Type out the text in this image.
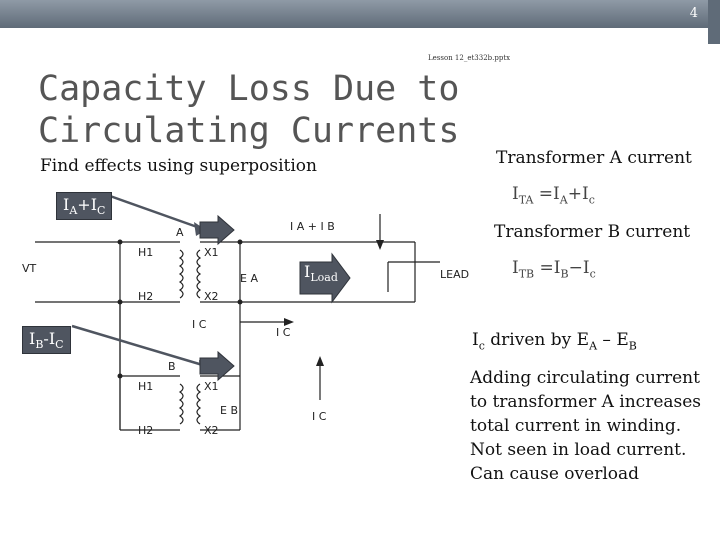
4
Lesson 12_et332b.pptx
Capacity Loss Due to Circulating Currents
Find effects using superposition
VT
H1
H2
X1
X2
A
E A
I A + I B
LEAD
I C
I C
I C
B
H1
H2
X1
X2
E B
$I_A+I_C$
$I_B-I_C$
$I_{Load}$
Transformer A current
$I_{TA} =I_A+I_c$
Transformer B current
$I_{TB} =I_B-I_c$
$I_c$ driven by $E_A - E_B$
Adding circulating current to transformer A increases total current in winding. Not seen in load current. Can cause overload
